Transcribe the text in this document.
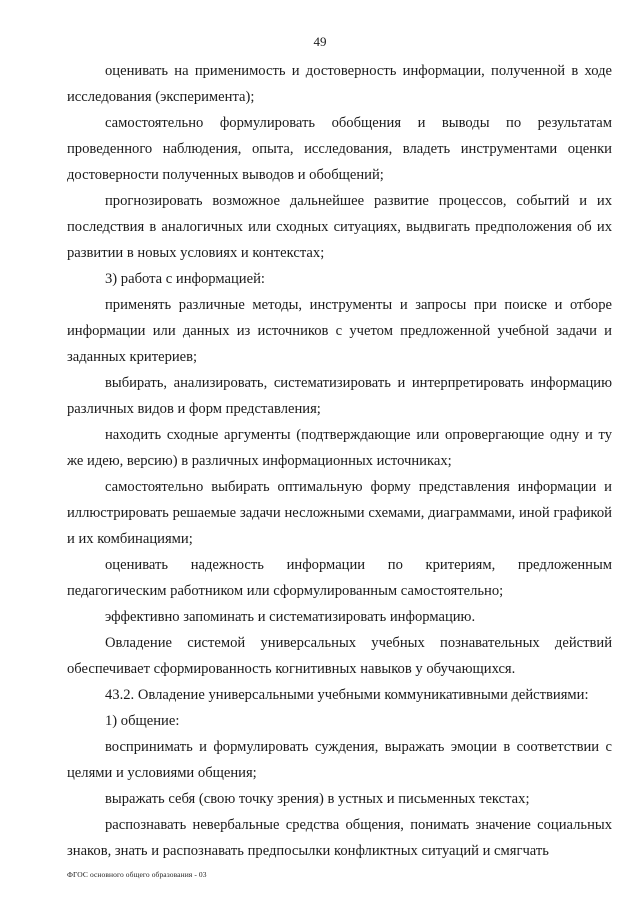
49

оценивать на применимость и достоверность информации, полученной в ходе исследования (эксперимента);

самостоятельно формулировать обобщения и выводы по результатам проведенного наблюдения, опыта, исследования, владеть инструментами оценки достоверности полученных выводов и обобщений;

прогнозировать возможное дальнейшее развитие процессов, событий и их последствия в аналогичных или сходных ситуациях, выдвигать предположения об их развитии в новых условиях и контекстах;

3) работа с информацией:

применять различные методы, инструменты и запросы при поиске и отборе информации или данных из источников с учетом предложенной учебной задачи и заданных критериев;

выбирать, анализировать, систематизировать и интерпретировать информацию различных видов и форм представления;

находить сходные аргументы (подтверждающие или опровергающие одну и ту же идею, версию) в различных информационных источниках;

самостоятельно выбирать оптимальную форму представления информации и иллюстрировать решаемые задачи несложными схемами, диаграммами, иной графикой и их комбинациями;

оценивать надежность информации по критериям, предложенным педагогическим работником или сформулированным самостоятельно;

эффективно запоминать и систематизировать информацию.

Овладение системой универсальных учебных познавательных действий обеспечивает сформированность когнитивных навыков у обучающихся.

43.2. Овладение универсальными учебными коммуникативными действиями:

1) общение:

воспринимать и формулировать суждения, выражать эмоции в соответствии с целями и условиями общения;

выражать себя (свою точку зрения) в устных и письменных текстах;

распознавать невербальные средства общения, понимать значение социальных знаков, знать и распознавать предпосылки конфликтных ситуаций и смягчать

ФГОС основного общего образования - 03
